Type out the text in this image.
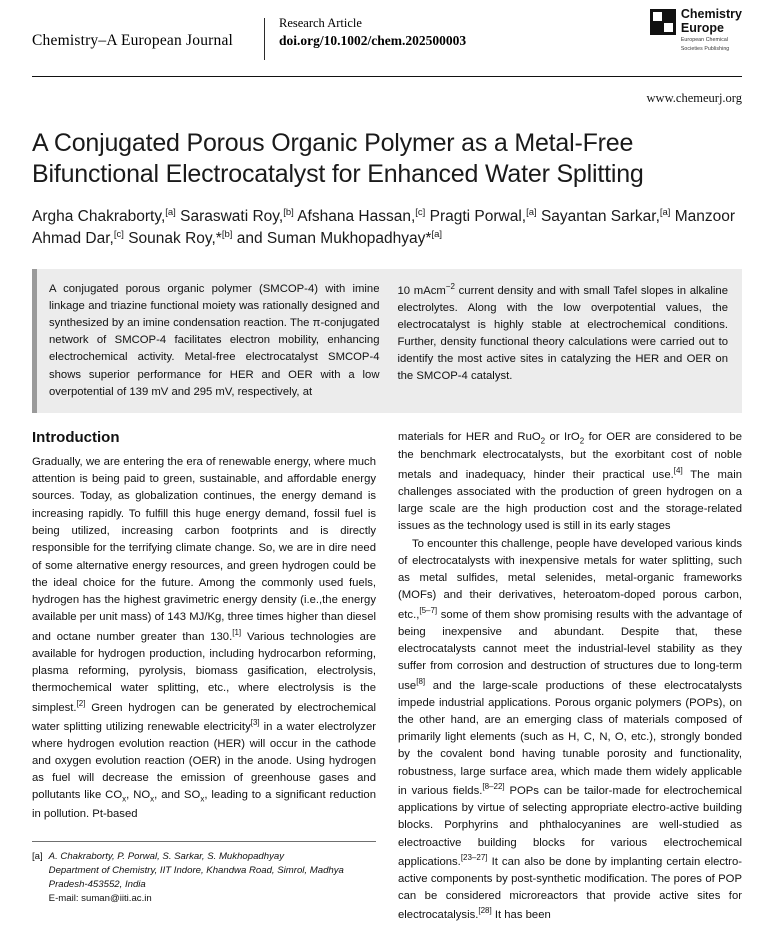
Chemistry–A European Journal
Research Article
doi.org/10.1002/chem.202500003
Chemistry
Europe
European Chemical
Societies Publishing
www.chemeurj.org
A Conjugated Porous Organic Polymer as a Metal-Free Bifunctional Electrocatalyst for Enhanced Water Splitting
Argha Chakraborty,[a] Saraswati Roy,[b] Afshana Hassan,[c] Pragti Porwal,[a] Sayantan Sarkar,[a] Manzoor Ahmad Dar,[c] Sounak Roy,*[b] and Suman Mukhopadhyay*[a]

A conjugated porous organic polymer (SMCOP-4) with imine linkage and triazine functional moiety was rationally designed and synthesized by an imine condensation reaction. The π-conjugated network of SMCOP-4 facilitates electron mobility, enhancing electrochemical activity. Metal-free electrocatalyst SMCOP-4 shows superior performance for HER and OER with a low overpotential of 139 mV and 295 mV, respectively, at

10 mAcm$^{-2}$ current density and with small Tafel slopes in alkaline electrolytes. Along with the low overpotential values, the electrocatalyst is highly stable at electrochemical conditions. Further, density functional theory calculations were carried out to identify the most active sites in catalyzing the HER and OER on the SMCOP-4 catalyst.

Introduction

Gradually, we are entering the era of renewable energy, where much attention is being paid to green, sustainable, and affordable energy sources. Today, as globalization continues, the energy demand is increasing rapidly. To fulfill this huge energy demand, fossil fuel is being utilized, increasing carbon footprints and is directly responsible for the terrifying climate change. So, we are in dire need of some alternative energy resources, and green hydrogen could be the ideal choice for the future. Among the commonly used fuels, hydrogen has the highest gravimetric energy density (i.e.,the energy available per unit mass) of 143 MJ/Kg, three times higher than diesel and octane number greater than 130.[1] Various technologies are available for hydrogen production, including hydrocarbon reforming, plasma reforming, pyrolysis, biomass gasification, electrolysis, thermochemical water splitting, etc., where electrolysis is the simplest.[2] Green hydrogen can be generated by electrochemical water splitting utilizing renewable electricity[3] in a water electrolyzer where hydrogen evolution reaction (HER) will occur in the cathode and oxygen evolution reaction (OER) in the anode. Using hydrogen as fuel will decrease the emission of greenhouse gases and pollutants like $CO_x$, $NO_x$, and $SO_x$, leading to a significant reduction in pollution. Pt-based

[a] A. Chakraborty, P. Porwal, S. Sarkar, S. Mukhopadhyay
Department of Chemistry, IIT Indore, Khandwa Road, Simrol, Madhya Pradesh-453552, India
E-mail: suman@iiti.ac.in

materials for HER and RuO$_2$ or IrO$_2$ for OER are considered to be the benchmark electrocatalysts, but the exorbitant cost of noble metals and inadequacy, hinder their practical use.[4] The main challenges associated with the production of green hydrogen on a large scale are the high production cost and the storage-related issues as the technology used is still in its early stages

To encounter this challenge, people have developed various kinds of electrocatalysts with inexpensive metals for water splitting, such as metal sulfides, metal selenides, metal-organic frameworks (MOFs) and their derivatives, heteroatom-doped porous carbon, etc.,[5–7] some of them show promising results with the advantage of being inexpensive and abundant. Despite that, these electrocatalysts cannot meet the industrial-level stability as they suffer from corrosion and destruction of structures due to long-term use[8] and the large-scale productions of these electrocatalysts impede industrial applications. Porous organic polymers (POPs), on the other hand, are an emerging class of materials composed of primarily light elements (such as H, C, N, O, etc.), strongly bonded by the covalent bond having tunable porosity and functionality, robustness, large surface area, which made them widely applicable in various fields.[8–22] POPs can be tailor-made for electrochemical applications by virtue of selecting appropriate electro-active building blocks. Porphyrins and phthalocyanines are well-studied as electroactive building blocks for various electrochemical applications.[23–27] It can also be done by implanting certain electro-active components by post-synthetic modification. The pores of POP can be considered microreactors that provide active sites for electrocatalysis.[28] It has been
